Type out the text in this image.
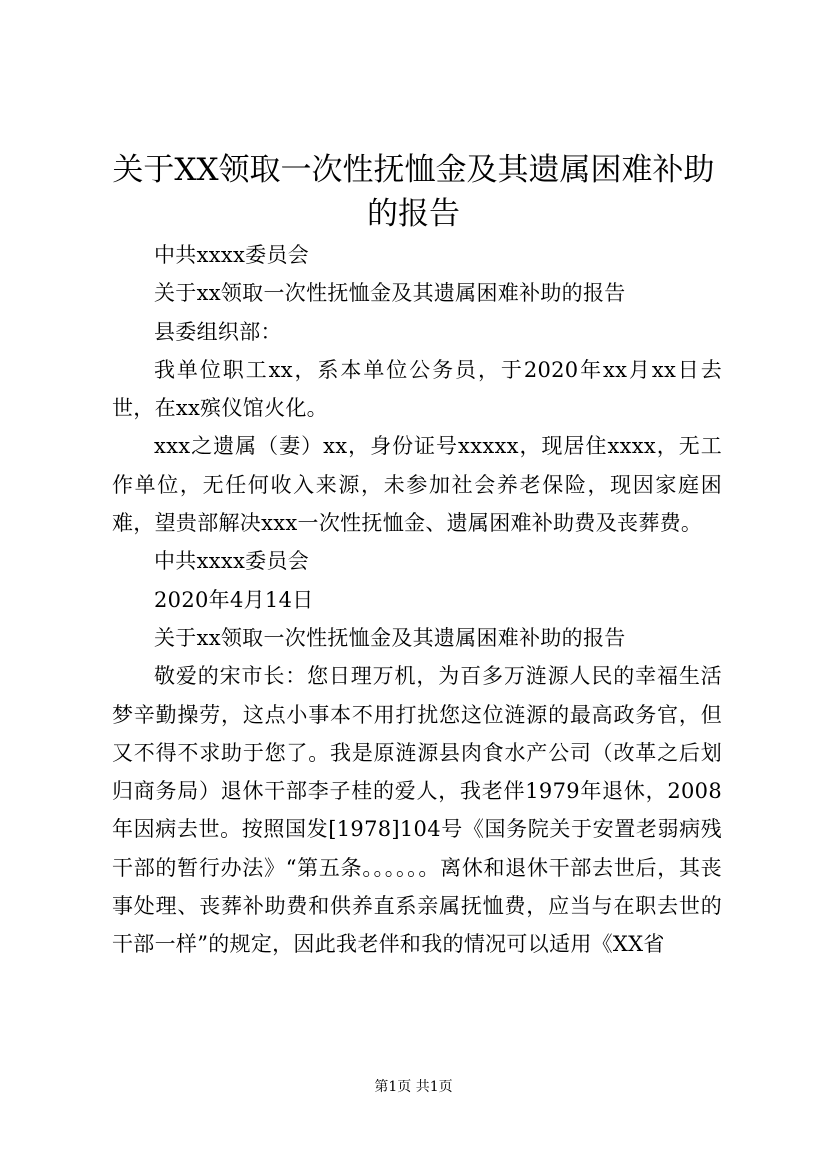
关于XX领取一次性抚恤金及其遗属困难补助的报告

中共xxxx委员会

关于xx领取一次性抚恤金及其遗属困难补助的报告

县委组织部：

我单位职工xx，系本单位公务员，于2020年xx月xx日去世，在xx殡仪馆火化。

xxx之遗属（妻）xx，身份证号xxxxx，现居住xxxx，无工作单位，无任何收入来源，未参加社会养老保险，现因家庭困难，望贵部解决xxx一次性抚恤金、遗属困难补助费及丧葬费。

中共xxxx委员会

2020年4月14日

关于xx领取一次性抚恤金及其遗属困难补助的报告

敬爱的宋市长：您日理万机，为百多万涟源人民的幸福生活梦辛勤操劳，这点小事本不用打扰您这位涟源的最高政务官，但又不得不求助于您了。我是原涟源县肉食水产公司（改革之后划归商务局）退休干部李子桂的爱人，我老伴1979年退休，2008年因病去世。按照国发[1978]104号《国务院关于安置老弱病残干部的暂行办法》“第五条。。。。。。离休和退休干部去世后，其丧事处理、丧葬补助费和供养直系亲属抚恤费，应当与在职去世的干部一样”的规定，因此我老伴和我的情况可以适用《XX省

第1页 共1页
